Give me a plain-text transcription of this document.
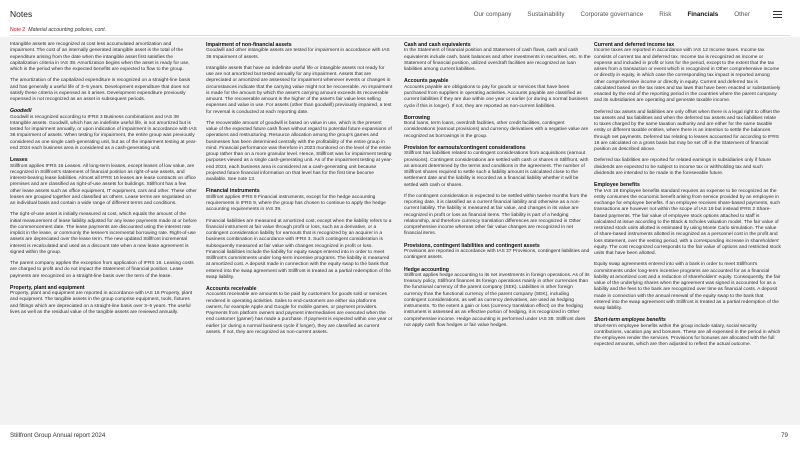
Notes	Our company	Sustainability	Corporate governance	Risk	Financials	Other
Note 2 Material accounting policies, cont.

Intangible assets are recognized at cost less accumulated amortization and impairment. The cost of an internally generated intangible asset is the total of the expenditure arising from the date when the intangible asset first satisfies the capitalization criteria in IAS 38. Amortization begins when the asset is ready for use, which is the period when the expected benefits are expected to flow to the group.

The amortization of the capitalized expenditure is recognized on a straight-line basis and has generally a useful life of 3–5 years. Development expenditure that does not satisfy these criteria is expensed as it arises. Development expenditure previously expensed is not recognized as an asset in subsequent periods.

Goodwill

Goodwill is recognized according to IFRS 3 Business combinations and IAS 38 Intangible assets. Goodwill, which has an indefinite useful life, is not amortized but is tested for impairment annually, or upon indication of impairment in accordance with IAS 36 Impairment of assets. When testing for impairment, the entire group was previously considered as one single cash-generating unit, but as of the impairment testing at year-end 2024 each business area is considered as a cash-generating unit.

Leases

Stillfront applies IFRS 16 Leases. All long-term leases, except leases of low value, are recognized in Stillfront's statement of financial position as right-of-use assets, and interest-bearing lease liabilities. Almost all IFRS 16 leases are lease contracts on office premises and are classified as right-of-use assets for buildings. Stillfront has a few other lease assets such as office equipment, IT equipment, cars and other. These other leases are grouped together and classified as others. Lease terms are negotiated on an individual basis and contain a wide range of different terms and conditions.

The right-of-use asset is initially measured at cost, which equals the amount of the initial measurement of lease liability adjusted for any lease payments made at or before the commencement date. The lease payments are discounted using the interest rate implicit in the lease, or commonly the lessee's incremental borrowing rate. Right-of-use assets are depreciated over the lease term. The new updated Stillfront incremental interest is recalculated and used as a discount rate when a new lease agreement is signed within the group.

The parent company applies the exception from application of IFRS 16. Leasing costs are charged to profit and do not impact the Statement of financial position. Lease payments are recognized on a straight-line basis over the term of the lease.

Property, plant and equipment

Property, plant and equipment are reported in accordance with IAS 16 Property, plant and equipment. The tangible assets in the group comprise equipment, tools, fixtures and fittings which are depreciated on a straight-line basis over 3–5 years. The useful lives as well as the residual value of the tangible assets are reviewed annually.

Impairment of non-financial assets

Goodwill and other intangible assets are tested for impairment in accordance with IAS 36 Impairment of assets.

Intangible assets that have an indefinite useful life or intangible assets not ready for use are not amortized but tested annually for any impairment. Assets that are depreciated or amortized are assessed for impairment whenever events or changes in circumstances indicate that the carrying value might not be recoverable. An impairment is made for the amount by which the asset's carrying amount exceeds its recoverable amount. The recoverable amount is the higher of the asset's fair value less selling expenses and value in use. For assets (other than goodwill) previously impaired, a test for reversal is conducted at each reporting date.

The recoverable amount of goodwill is based on value in use, which is the present value of the expected future cash flows without regard to potential future expansions of operations and restructuring. Resource allocation among the group's games and businesses has been determined centrally with the profitability of the entire group in mind. Financial performance was therefore in 2023 monitored on the level of the entire group rather than on a more granular level. Hence, Stillfront was for impairment testing purposes viewed as a single cash-generating unit. As of the impairment testing at year-end 2024, each business area is considered as a cash-generating unit because projected future financial information on that level has for the first time become available. See note 13.

Financial instruments

Stillfront applies IFRS 9 Financial instruments, except for the hedge accounting requirements in IFRS 9, where the group has chosen to continue to apply the hedge accounting requirements in IAS 39.

Financial liabilities are measured at amortized cost, except when the liability refers to a financial instrument at fair value through profit or loss, such as a derivative, or a contingent consideration liability for earnouts that is recognized by an acquirer in a business combination in accordance with IFRS 3. Such contingent consideration is subsequently measured at fair value with changes recognized in profit or loss. Financial liabilities include the liability for equity swaps entered into in order to meet Stillfront's commitments under long-term incentive programs. The liability is measured at amortized cost. A deposit made in connection with the equity swap to the bank that entered into the swap agreement with Stillfront is treated as a partial redemption of the swap liability.

Accounts receivable

Accounts receivable are amounts to be paid by customers for goods sold or services rendered in operating activities. Sales to end-customers are either via platforms owners, for example Apple and Google for mobile games, or payment providers. Payments from platform owners and payment intermediaries are executed when the end customer (gamer) has made a purchase. If payment is expected within one year or earlier (or during a normal business cycle if longer), they are classified as current assets. If not, they are recognized as non-current assets.

Cash and cash equivalents

In the Statement of financial position and Statement of cash flows, cash and cash equivalents include cash, bank balances and other investments in securities, etc. In the Statement of financial position, utilized overdraft facilities are recognized as loan liabilities among current liabilities.

Accounts payable

Accounts payable are obligations to pay for goods or services that have been purchased from suppliers in operating activities. Accounts payable are classified as current liabilities if they are due within one year or earlier (or during a normal business cycle if this is longer). If not, they are reported as non-current liabilities.

Borrowing

Bond loans, term loans, overdraft facilities, other credit facilities, contingent considerations (earnout provisions) and currency derivatives with a negative value are recognized as borrowings in the group.

Provision for earnouts/contingent considerations

Stillfront has liabilities related to contingent considerations from acquisitions (earnout provisions). Contingent considerations are settled with cash or shares in Stillfront, with an amount determined by the terms and conditions in the agreement. The number of Stillfront shares required to settle such a liability amount is calculated close to the settlement date and the liability is recorded as a financial liability whether it will be settled with cash or shares.

If the contingent consideration is expected to be settled within twelve months from the reporting date, it is classified as a current financial liability and otherwise as a non-current liability. The liability is measured at fair value, and changes in its value are recognized in profit or loss as financial items. The liability is part of a hedging relationship, and therefore currency translation differences are recognized in Other comprehensive income whereas other fair value changes are recognized in net financial items.

Provisions, contingent liabilities and contingent assets

Provisions are reported in accordance with IAS 37 Provisions, contingent liabilities and contingent assets.

Hedge accounting

Stillfront applies hedge accounting to its net investments in foreign operations. As of its treasury policy, Stillfront finances its foreign operations mainly in other currencies than the functional currency of the parent company (SEK). Liabilities in other foreign currency than the functional currency of the parent company (SEK), including contingent considerations, as well as currency derivatives, are used as hedging instruments. To the extent a gain or loss (currency translation effect) on the hedging instrument is assessed as an effective portion of hedging, it is recognized in Other comprehensive income. Hedge accounting is performed under IAS 39. Stillfront does not apply cash flow hedges or fair value hedges.

Current and deferred income tax

Income taxes are reported in accordance with IAS 12 Income taxes. Income tax consists of current tax and deferred tax. Income tax is recognized as income or expense and included in profit or loss for the period, except to the extent that the tax arises from a transaction or event which is recognized in Other comprehensive income or directly in equity, in which case the corresponding tax impact is reported among other comprehensive income or directly in equity. Current and deferred tax is calculated based on the tax rates and tax laws that have been enacted or substantively enacted by the end of the reporting period in the countries where the parent company and its subsidiaries are operating and generate taxable income.

Deferred tax assets and liabilities are only offset when there is a legal right to offset the tax assets and tax liabilities and when the deferred tax assets and tax liabilities relate to taxes charged by the same taxation authority and are either for the same taxable entity or different taxable entities, where there is an intention to settle the balances through net payments. Deferred tax relating to leases accounted for according to IFRS 16 are calculated on a gross basis but may be set off in the Statement of financial position as described above.

Deferred tax liabilities are reported for related earnings in subsidiaries only if future dividends are expected to be subject to income tax or withholding tax and such dividends are intended to be made in the foreseeable future.

Employee benefits

The IAS 19 Employee benefits standard requires an expense to be recognized as the entity consumes the economic benefit arising from service provided by an employee in exchange for employee benefits. If an employee receives share-based payments, such transactions are however not within the scope of IAS 19 but instead IFRS 2 Share-based payments. The fair value of employee stock options attached to staff is calculated at issue according to the Black & Scholes valuation model. The fair value of restricted stock units allotted is estimated by using Monte Carlo simulation. The value of share-based instruments allotted is recognized as a personnel cost in the profit and loss statement, over the vesting period, with a corresponding increase in shareholders' equity. The cost recognized corresponds to the fair value of options and restricted stock units that have been allotted.

Equity swap agreements entered into with a bank in order to meet Stillfront's commitments under long-term incentive programs are accounted for as a financial liability at amortized cost and a reduction of shareholders' equity. Consequently, the fair value of the underlying shares when the agreement was signed is accounted for as a liability and the fees to the bank are recognized over time as financial costs. A deposit made in connection with the annual renewal of the equity swap to the bank that entered into the swap agreement with Stillfront is treated as a partial redemption of the swap liability.

Short-term employee benefits

Short-term employee benefits within the group include salary, social security contributions, vacation pay and bonuses. These are all expensed in the period in which the employees render the services. Provisions for bonuses are allocated with the full expected amounts, which are then adjusted to reflect the actual outcome.

Stillfront Group Annual report 2024	79
